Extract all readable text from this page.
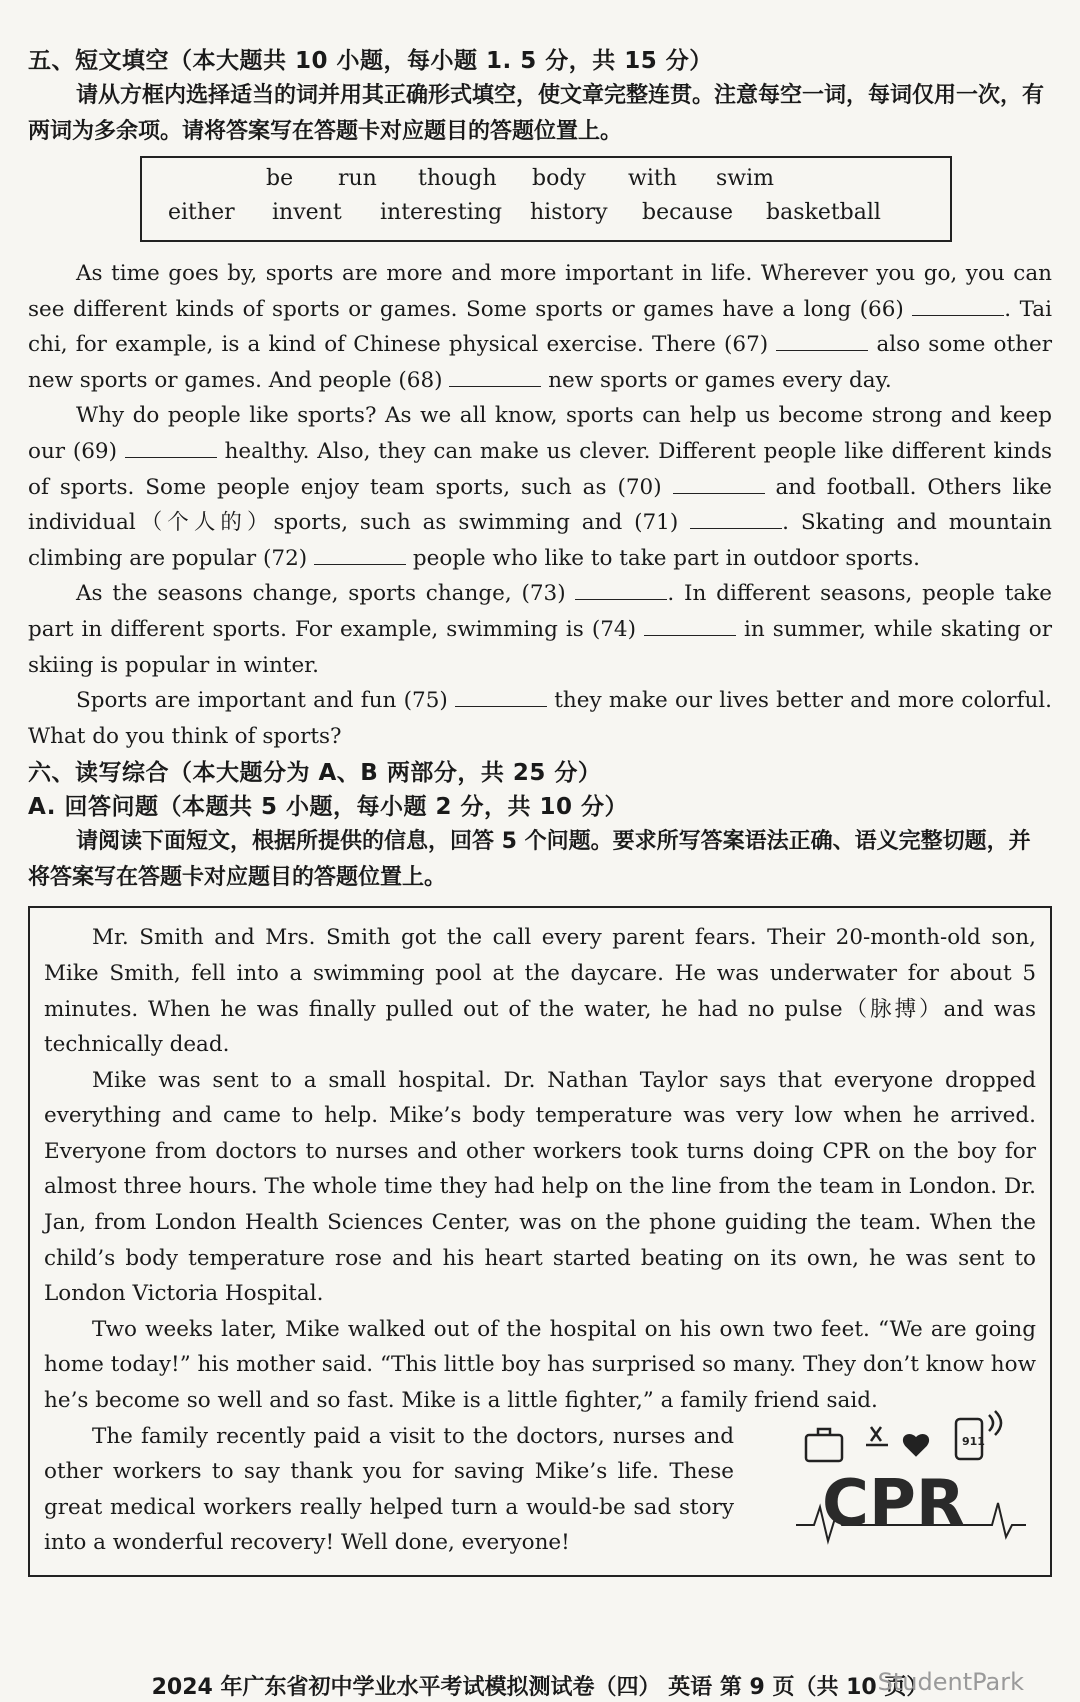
五、短文填空（本大题共 10 小题，每小题 1. 5 分，共 15 分）

请从方框内选择适当的词并用其正确形式填空，使文章完整连贯。注意每空一词，每词仅用一次，有两词为多余项。请将答案写在答题卡对应题目的答题位置上。

be run though body with swim
either invent interesting history because basketball

As time goes by, sports are more and more important in life. Wherever you go, you can see different kinds of sports or games. Some sports or games have a long (66)	. Tai chi, for example, is a kind of Chinese physical exercise. There (67)	also some other new sports or games. And people (68)	new sports or games every day.

Why do people like sports? As we all know, sports can help us become strong and keep our (69)	healthy. Also, they can make us clever. Different people like different kinds of sports. Some people enjoy team sports, such as (70)	and football. Others like individual（个人的）sports, such as swimming and (71)	. Skating and mountain climbing are popular (72)	people who like to take part in outdoor sports.

As the seasons change, sports change, (73)	. In different seasons, people take part in different sports. For example, swimming is (74)	in summer, while skating or skiing is popular in winter.

Sports are important and fun (75)	they make our lives better and more colorful. What do you think of sports?

六、读写综合（本大题分为 A、B 两部分，共 25 分）
A. 回答问题（本题共 5 小题，每小题 2 分，共 10 分）

请阅读下面短文，根据所提供的信息，回答 5 个问题。要求所写答案语法正确、语义完整切题，并将答案写在答题卡对应题目的答题位置上。

Mr. Smith and Mrs. Smith got the call every parent fears. Their 20-month-old son, Mike Smith, fell into a swimming pool at the daycare. He was underwater for about 5 minutes. When he was finally pulled out of the water, he had no pulse（脉搏）and was technically dead.

Mike was sent to a small hospital. Dr. Nathan Taylor says that everyone dropped everything and came to help. Mike’s body temperature was very low when he arrived. Everyone from doctors to nurses and other workers took turns doing CPR on the boy for almost three hours. The whole time they had help on the line from the team in London. Dr. Jan, from London Health Sciences Center, was on the phone guiding the team. When the child’s body temperature rose and his heart started beating on its own, he was sent to London Victoria Hospital.

Two weeks later, Mike walked out of the hospital on his own two feet. “We are going home today!” his mother said. “This little boy has surprised so many. They don’t know how he’s become so well and so fast. Mike is a little fighter,” a family friend said.

The family recently paid a visit to the doctors, nurses and other workers to say thank you for saving Mike’s life. These great medical workers really helped turn a would-be sad story into a wonderful recovery! Well done, everyone!

911
CPR
2024 年广东省初中学业水平考试模拟测试卷（四） 英语 第 9 页（共 10 页）
StudentPark
